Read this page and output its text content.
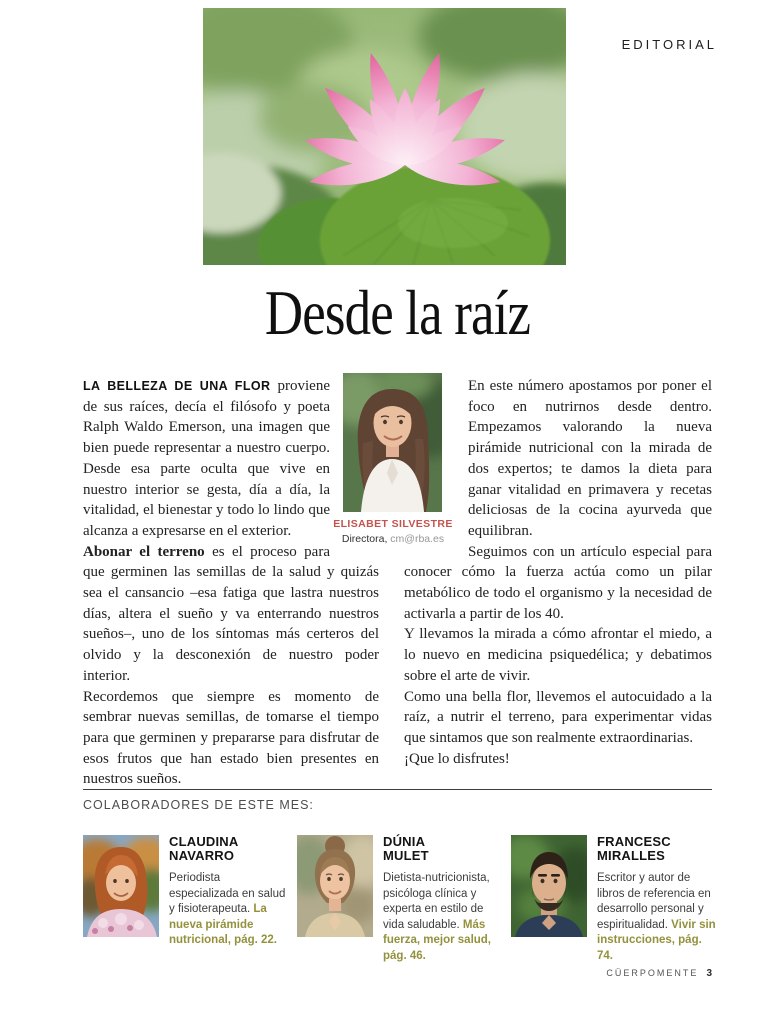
EDITORIAL
Desde la raíz

LA BELLEZA DE UNA FLOR proviene de sus raíces, decía el filósofo y poeta Ralph Waldo Emerson, una imagen que bien puede representar a nuestro cuerpo. Desde esa parte oculta que vive en nuestro interior se gesta, día a día, la vitalidad, el bienestar y todo lo lindo que alcanza a expresarse en el exterior.

Abonar el terreno es el proceso para que germinen las semillas de la salud y quizás sea el cansancio –esa fatiga que lastra nuestros días, altera el sueño y va enterrando nuestros sueños–, uno de los síntomas más certeros del olvido y la desconexión de nuestro poder interior.

Recordemos que siempre es momento de sembrar nuevas semillas, de tomarse el tiempo para que germinen y prepararse para disfrutar de esos frutos que han estado bien presentes en nuestros sueños.

En este número apostamos por poner el foco en nutrirnos desde dentro. Empezamos valorando la nueva pirámide nutricional con la mirada de dos expertos; te damos la dieta para ganar vitalidad en primavera y recetas deliciosas de la cocina ayurveda que equilibran.

Seguimos con un artículo especial para conocer cómo la fuerza actúa como un pilar metabólico de todo el organismo y la necesidad de activarla a partir de los 40.

Y llevamos la mirada a cómo afrontar el miedo, a lo nuevo en medicina psiquedélica; y debatimos sobre el arte de vivir.

Como una bella flor, llevemos el autocuidado a la raíz, a nutrir el terreno, para experimentar vidas que sintamos que son realmente extraordinarias.

¡Que lo disfrutes!

ELISABET SILVESTRE
Directora, cm@rba.es
COLABORADORES DE ESTE MES:
CLAUDINA
NAVARRO
Periodista especializada en salud y fisioterapeuta. La nueva pirámide nutricional, pág. 22.
DÚNIA
MULET
Dietista-nutricionista, psicóloga clínica y experta en estilo de vida saludable. Más fuerza, mejor salud, pág. 46.
FRANCESC
MIRALLES
Escritor y autor de libros de referencia en desarrollo personal y espiritualidad. Vivir sin instrucciones, pág. 74.
CÜERPOMENTE 3
